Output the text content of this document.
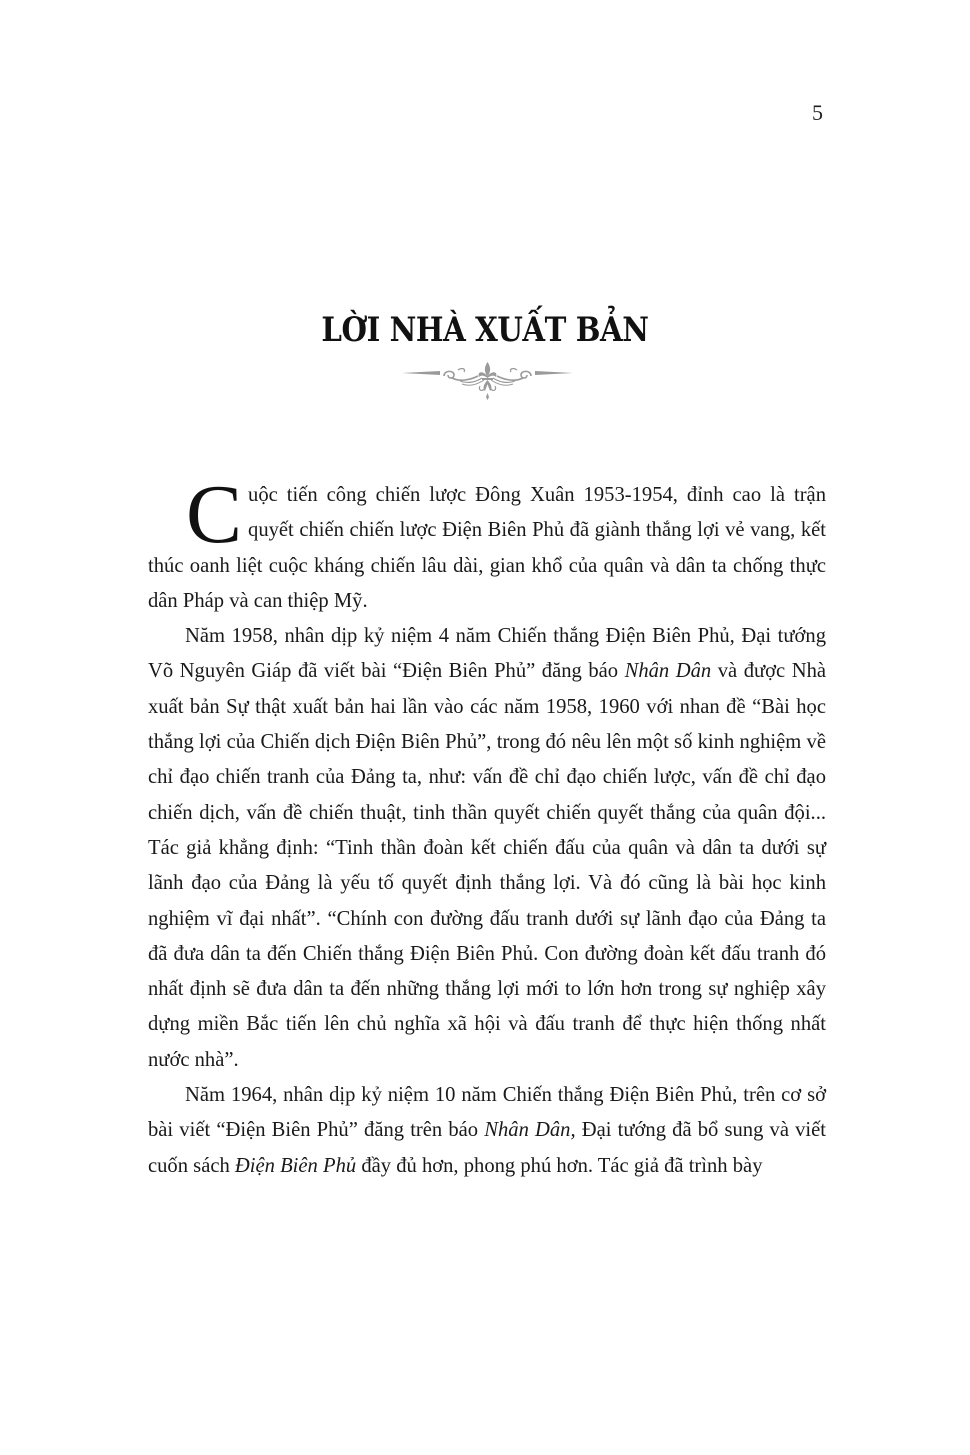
5
LỜI NHÀ XUẤT BẢN

Cuộc tiến công chiến lược Đông Xuân 1953-1954, đỉnh cao là trận quyết chiến chiến lược Điện Biên Phủ đã giành thắng lợi vẻ vang, kết thúc oanh liệt cuộc kháng chiến lâu dài, gian khổ của quân và dân ta chống thực dân Pháp và can thiệp Mỹ.

Năm 1958, nhân dịp kỷ niệm 4 năm Chiến thắng Điện Biên Phủ, Đại tướng Võ Nguyên Giáp đã viết bài “Điện Biên Phủ” đăng báo Nhân Dân và được Nhà xuất bản Sự thật xuất bản hai lần vào các năm 1958, 1960 với nhan đề “Bài học thắng lợi của Chiến dịch Điện Biên Phủ”, trong đó nêu lên một số kinh nghiệm về chỉ đạo chiến tranh của Đảng ta, như: vấn đề chỉ đạo chiến lược, vấn đề chỉ đạo chiến dịch, vấn đề chiến thuật, tinh thần quyết chiến quyết thắng của quân đội... Tác giả khẳng định: “Tinh thần đoàn kết chiến đấu của quân và dân ta dưới sự lãnh đạo của Đảng là yếu tố quyết định thắng lợi. Và đó cũng là bài học kinh nghiệm vĩ đại nhất”. “Chính con đường đấu tranh dưới sự lãnh đạo của Đảng ta đã đưa dân ta đến Chiến thắng Điện Biên Phủ. Con đường đoàn kết đấu tranh đó nhất định sẽ đưa dân ta đến những thắng lợi mới to lớn hơn trong sự nghiệp xây dựng miền Bắc tiến lên chủ nghĩa xã hội và đấu tranh để thực hiện thống nhất nước nhà”.

Năm 1964, nhân dịp kỷ niệm 10 năm Chiến thắng Điện Biên Phủ, trên cơ sở bài viết “Điện Biên Phủ” đăng trên báo Nhân Dân, Đại tướng đã bổ sung và viết cuốn sách Điện Biên Phủ đầy đủ hơn, phong phú hơn. Tác giả đã trình bày
